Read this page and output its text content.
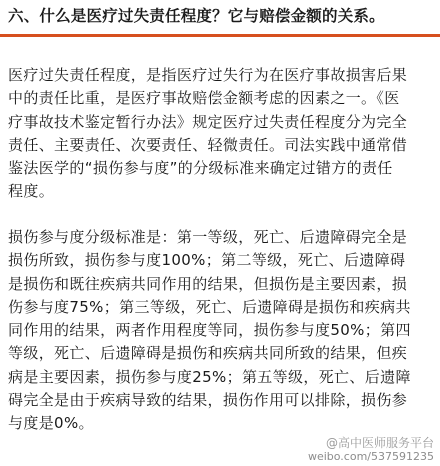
六、什么是医疗过失责任程度？它与赔偿金额的关系。

医疗过失责任程度，是指医疗过失行为在医疗事故损害后果
中的责任比重，是医疗事故赔偿金额考虑的因素之一。《医
疗事故技术鉴定暂行办法》规定医疗过失责任程度分为完全
责任、主要责任、次要责任、轻微责任。司法实践中通常借
鉴法医学的“损伤参与度”的分级标准来确定过错方的责任
程度。

损伤参与度分级标准是：第一等级，死亡、后遗障碍完全是
损伤所致，损伤参与度100%；第二等级，死亡、后遗障碍
是损伤和既往疾病共同作用的结果，但损伤是主要因素，损
伤参与度75%；第三等级，死亡、后遗障碍是损伤和疾病共
同作用的结果，两者作用程度等同，损伤参与度50%；第四
等级，死亡、后遗障碍是损伤和疾病共同所致的结果，但疾
病是主要因素，损伤参与度25%；第五等级，死亡、后遗障
碍完全是由于疾病导致的结果，损伤作用可以排除，损伤参
与度是0%。

@高中医师服务平台
weibo.com/537591235
